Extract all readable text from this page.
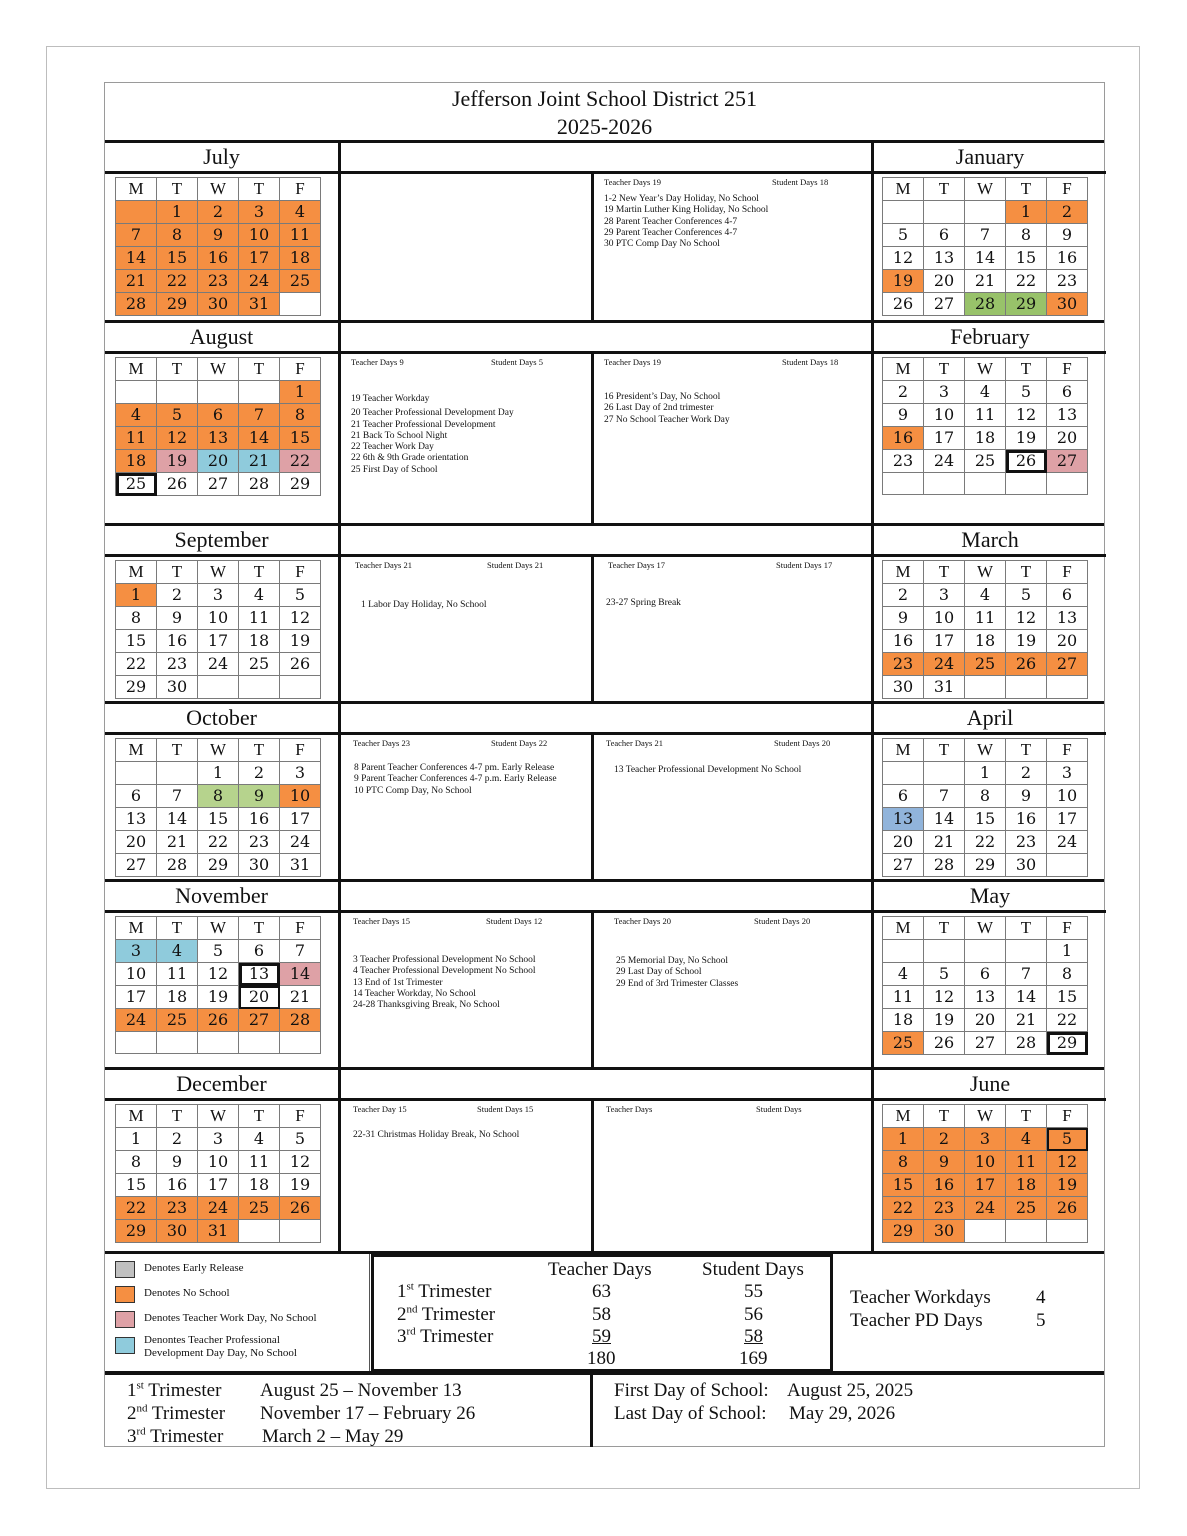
Jefferson Joint School District 251
2025-2026
July
M	T	W	T	F
	1	2	3	4
7	8	9	10	11
14	15	16	17	18
21	22	23	24	25
28	29	30	31	
Teacher Days 19	Student Days 18
1-2 New Year’s Day Holiday, No School
19 Martin Luther King Holiday, No School
28 Parent Teacher Conferences 4-7
29 Parent Teacher Conferences 4-7
30 PTC Comp Day No School
January
M	T	W	T	F
			1	2
5	6	7	8	9
12	13	14	15	16
19	20	21	22	23
26	27	28	29	30
August
M	T	W	T	F
				1
4	5	6	7	8
11	12	13	14	15
18	19	20	21	22
25	26	27	28	29
Teacher Days 9	Student Days 5
19 Teacher Workday
20 Teacher Professional Development Day
21 Teacher Professional Development
21 Back To School Night
22 Teacher Work Day
22 6th & 9th Grade orientation
25 First Day of School
Teacher Days 19	Student Days 18
16 President’s Day, No School
26 Last Day of 2nd trimester
27 No School Teacher Work Day
February
M	T	W	T	F
2	3	4	5	6
9	10	11	12	13
16	17	18	19	20
23	24	25	26	27

September
M	T	W	T	F
1	2	3	4	5
8	9	10	11	12
15	16	17	18	19
22	23	24	25	26
29	30			
Teacher Days 21	Student Days 21
1 Labor Day Holiday, No School
Teacher Days 17	Student Days 17
23-27 Spring Break
March
M	T	W	T	F
2	3	4	5	6
9	10	11	12	13
16	17	18	19	20
23	24	25	26	27
30	31			
October
M	T	W	T	F
		1	2	3
6	7	8	9	10
13	14	15	16	17
20	21	22	23	24
27	28	29	30	31
Teacher Days 23	Student Days 22
8 Parent Teacher Conferences 4-7 pm. Early Release
9 Parent Teacher Conferences 4-7 p.m. Early Release
10 PTC Comp Day, No School
Teacher Days 21	Student Days 20
13 Teacher Professional Development No School
April
M	T	W	T	F
		1	2	3
6	7	8	9	10
13	14	15	16	17
20	21	22	23	24
27	28	29	30	
November
M	T	W	T	F
3	4	5	6	7
10	11	12	13	14
17	18	19	20	21
24	25	26	27	28

Teacher Days 15	Student Days 12
3 Teacher Professional Development No School
4 Teacher Professional Development No School
13 End of 1st Trimester
14 Teacher Workday, No School
24-28 Thanksgiving Break, No School
Teacher Days 20	Student Days 20
25 Memorial Day, No School
29 Last Day of School
29 End of 3rd Trimester Classes
May
M	T	W	T	F
				1
4	5	6	7	8
11	12	13	14	15
18	19	20	21	22
25	26	27	28	29
December
M	T	W	T	F
1	2	3	4	5
8	9	10	11	12
15	16	17	18	19
22	23	24	25	26
29	30	31		
Teacher Day 15	Student Days 15
22-31 Christmas Holiday Break, No School
Teacher Days	Student Days
June
M	T	W	T	F
1	2	3	4	5
8	9	10	11	12
15	16	17	18	19
22	23	24	25	26
29	30			
Denotes Early Release
Denotes No School
Denotes Teacher Work Day, No School
Denontes Teacher Professional Development Day Day, No School
Teacher Days	Student Days
1st Trimester	63	55
2nd Trimester	58	56
3rd Trimester	59	58
180	169
Teacher Workdays 4
Teacher PD Days	5
1st Trimester August 25 – November 13
2nd Trimester November 17 – February 26
3rd Trimester March 2 – May 29
First Day of School: August 25, 2025
Last Day of School: May 29, 2026
